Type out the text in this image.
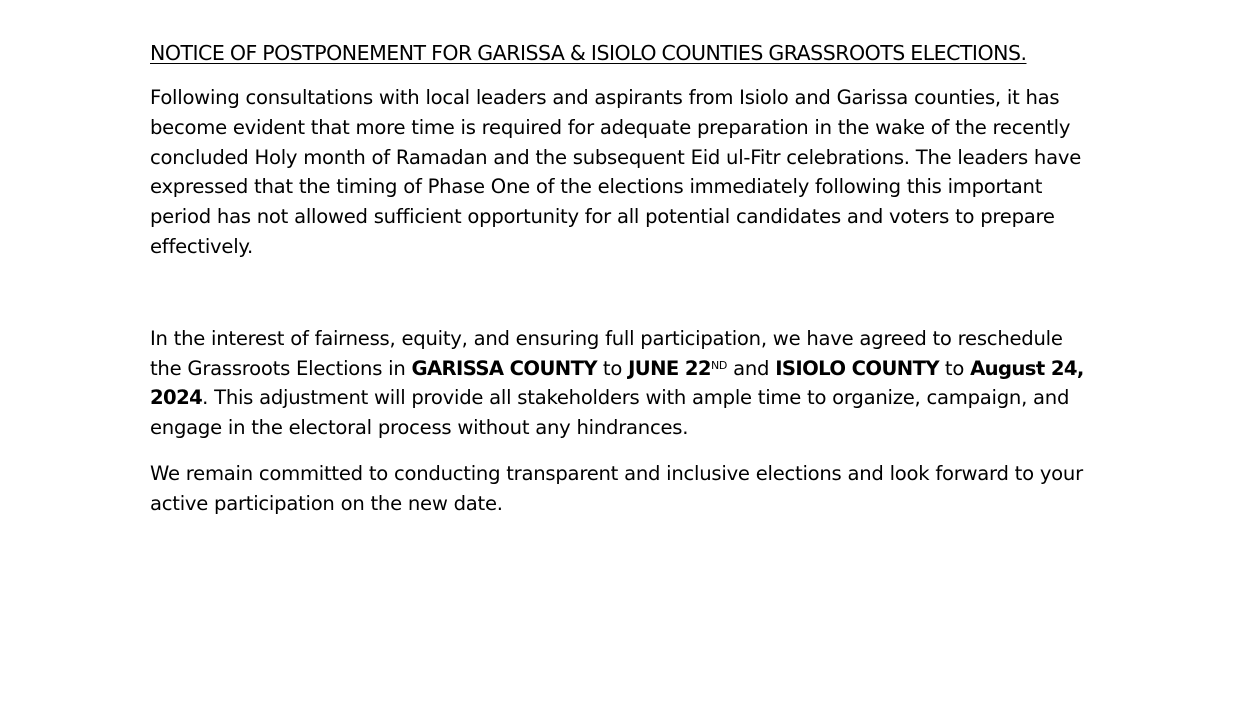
NOTICE OF POSTPONEMENT FOR GARISSA & ISIOLO COUNTIES GRASSROOTS ELECTIONS.

Following consultations with local leaders and aspirants from Isiolo and Garissa counties, it has become evident that more time is required for adequate preparation in the wake of the recently concluded Holy month of Ramadan and the subsequent Eid ul-Fitr celebrations. The leaders have expressed that the timing of Phase One of the elections immediately following this important period has not allowed sufficient opportunity for all potential candidates and voters to prepare effectively.

In the interest of fairness, equity, and ensuring full participation, we have agreed to reschedule the Grassroots Elections in GARISSA COUNTY to JUNE 22ND and ISIOLO COUNTY to August 24, 2024. This adjustment will provide all stakeholders with ample time to organize, campaign, and engage in the electoral process without any hindrances.

We remain committed to conducting transparent and inclusive elections and look forward to your active participation on the new date.
